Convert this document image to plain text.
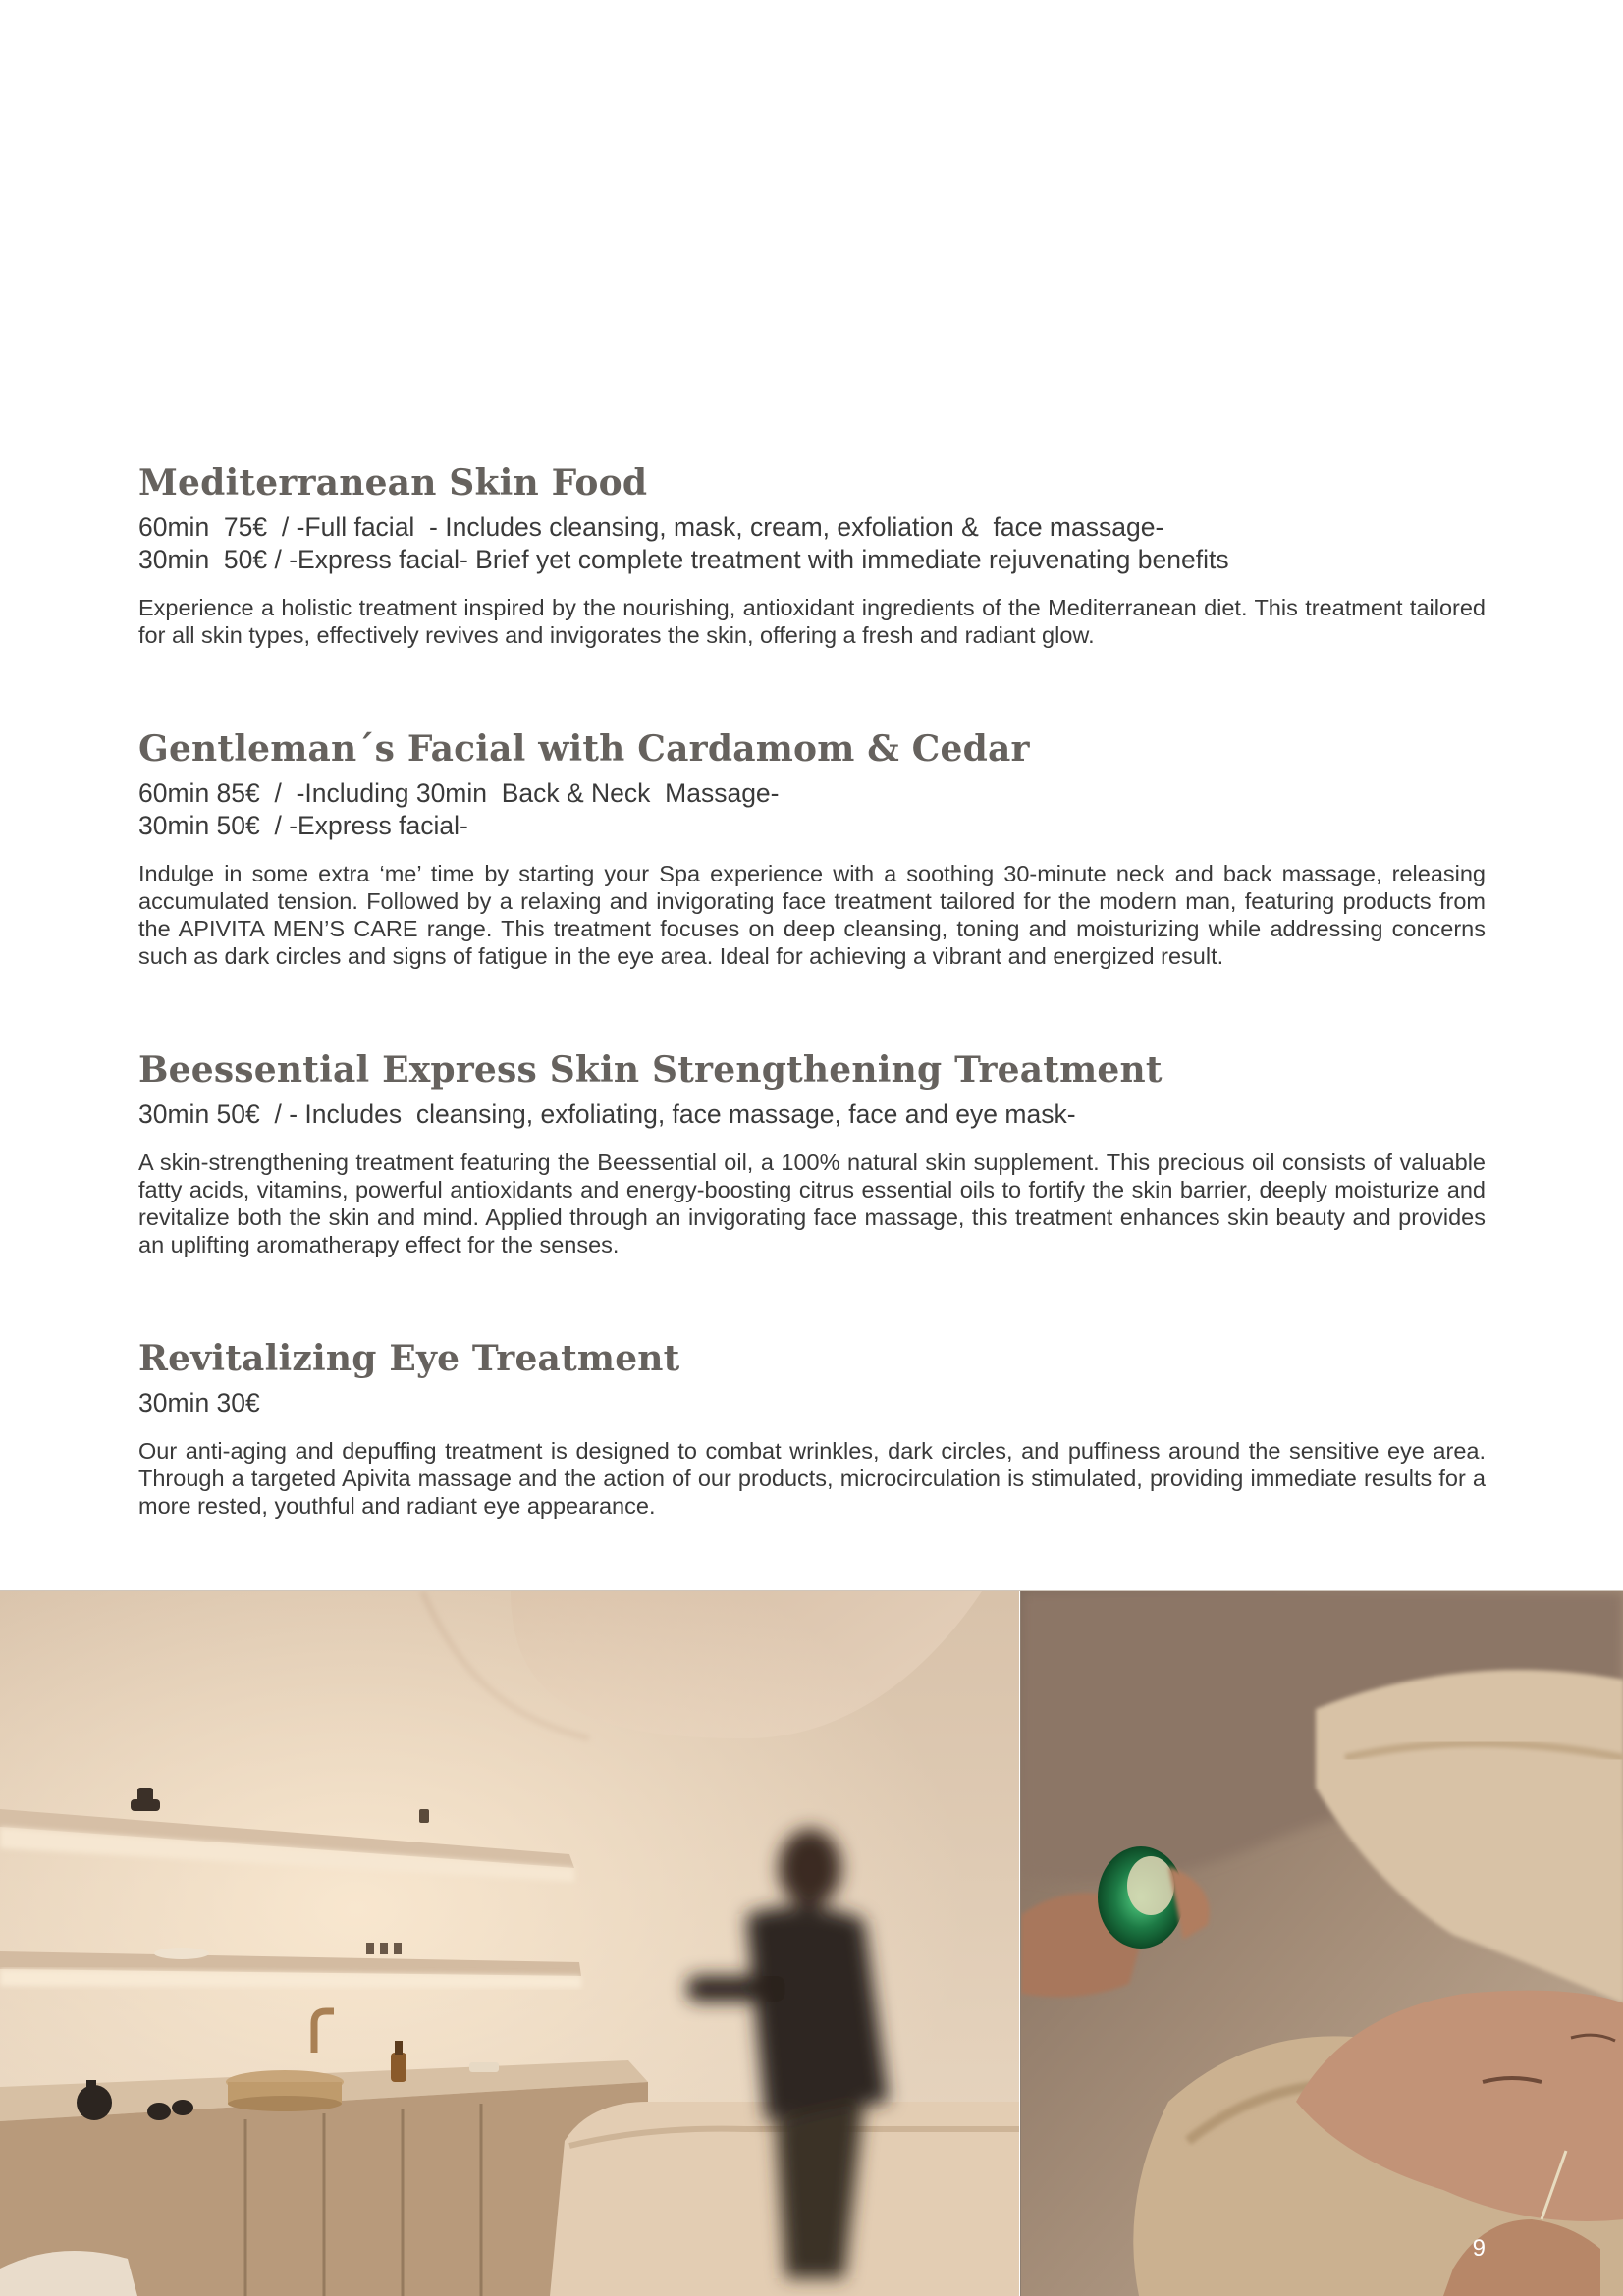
Mediterranean Skin Food

60min  75€  / -Full facial  - Includes cleansing, mask, cream, exfoliation &  face massage-

30min  50€ / -Express facial- Brief yet complete treatment with immediate rejuvenating benefits

Experience a holistic treatment inspired by the nourishing, antioxidant ingredients of the Mediterranean diet. This treatment tailored for all skin types, effectively revives and invigorates the skin, offering a fresh and radiant glow.

Gentleman´s Facial with Cardamom & Cedar

60min 85€  /  -Including 30min  Back & Neck  Massage-

30min 50€  / -Express facial-

Indulge in some extra ‘me’ time by starting your Spa experience with a soothing 30-minute neck and back massage, releasing accumulated tension. Followed by a relaxing and invigorating face treatment tailored for the modern man, featuring products from the APIVITA MEN’S CARE range. This treatment focuses on deep cleansing, toning and moisturizing while addressing concerns such as dark circles and signs of fatigue in the eye area. Ideal for achieving a vibrant and energized result.

Beessential Express Skin Strengthening Treatment

30min 50€  / - Includes  cleansing, exfoliating, face massage, face and eye mask-

A skin-strengthening treatment featuring the Beessential oil, a 100% natural skin supplement. This precious oil consists of valuable fatty acids, vitamins, powerful antioxidants and energy-boosting citrus essential oils to fortify the skin barrier, deeply moisturize and revitalize both the skin and mind. Applied through an invigorating face massage, this treatment enhances skin beauty and provides an uplifting aromatherapy effect for the senses.

Revitalizing Eye Treatment

30min 30€

Our anti-aging and depuffing treatment is designed to combat wrinkles, dark circles, and puffiness around the sensitive eye area. Through a targeted Apivita massage and the action of our products, microcirculation is stimulated, providing immediate results for a more rested, youthful and radiant eye appearance.

9
